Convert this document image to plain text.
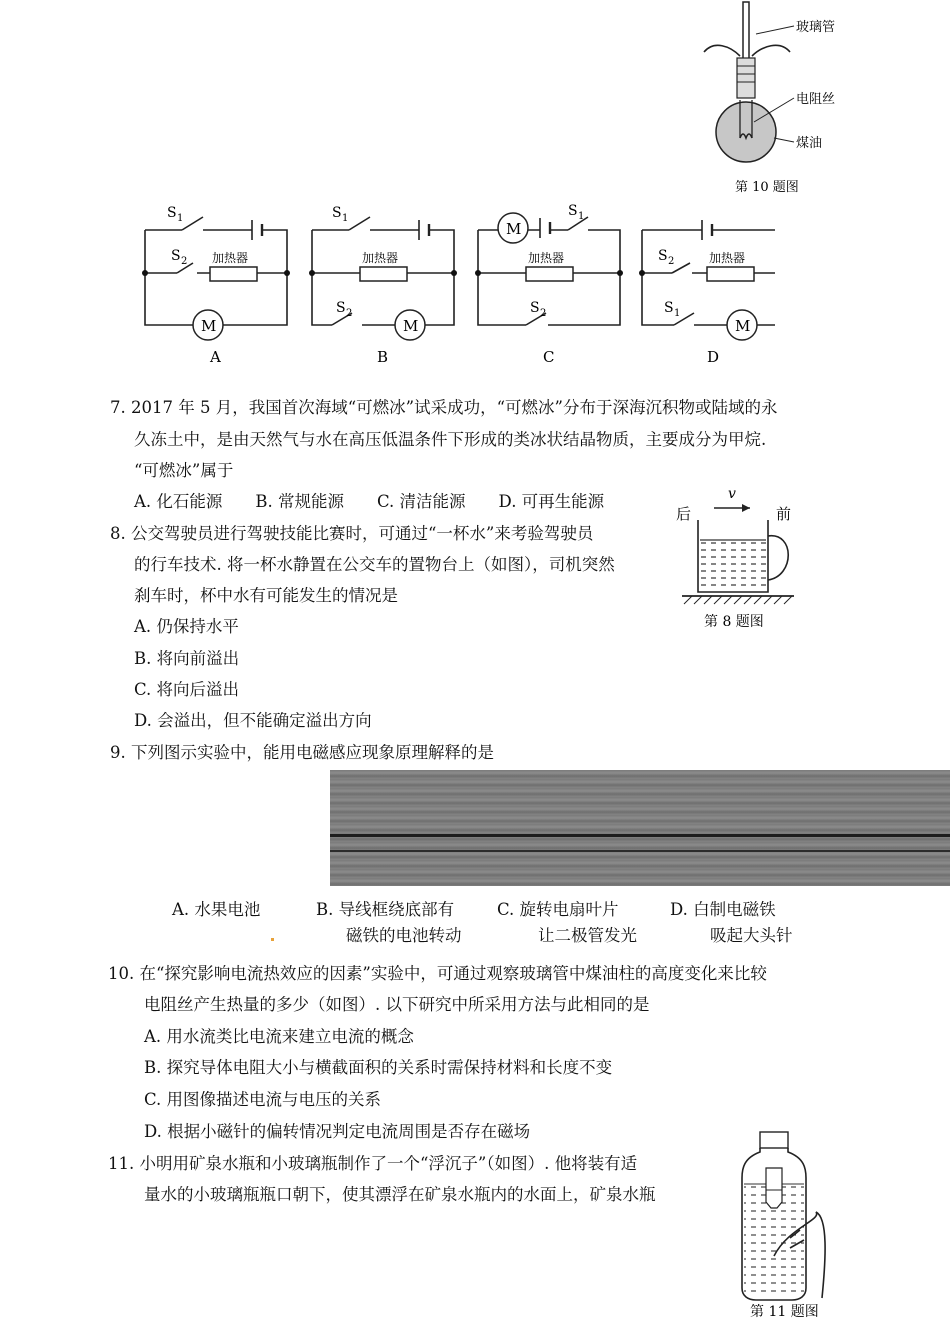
玻璃管
电阻丝
煤油
第 10 题图
M
加热器
S 1
S 2
A
M
加热器
S 1
S 2
B
M
加热器
S 1
S 2
C
M
加热器
S 2
S 1
D
7. 2017 年 5 月，我国首次海域“可燃冰”试采成功，“可燃冰”分布于深海沉积物或陆域的永
久冻土中，是由天然气与水在高压低温条件下形成的类冰状结晶物质，主要成分为甲烷.
“可燃冰”属于
A. 化石能源　　B. 常规能源　　C. 清洁能源　　D. 可再生能源	v
后	前
第 8 题图
8. 公交驾驶员进行驾驶技能比赛时，可通过“一杯水”来考验驾驶员
的行车技术. 将一杯水静置在公交车的置物台上（如图），司机突然
刹车时，杯中水有可能发生的情况是
A. 仍保持水平
B. 将向前溢出
C. 将向后溢出
D. 会溢出，但不能确定溢出方向
9. 下列图示实验中，能用电磁感应现象原理解释的是
A. 水果电池	B. 导线框绕底部有
磁铁的电池转动
C. 旋转电扇叶片
让二极管发光
D. 白制电磁铁
吸起大头针
10. 在“探究影响电流热效应的因素”实验中，可通过观察玻璃管中煤油柱的高度变化来比较
电阻丝产生热量的多少（如图）. 以下研究中所采用方法与此相同的是
A. 用水流类比电流来建立电流的概念
B. 探究导体电阻大小与横截面积的关系时需保持材料和长度不变
C. 用图像描述电流与电压的关系
D. 根据小磁针的偏转情况判定电流周围是否存在磁场
11. 小明用矿泉水瓶和小玻璃瓶制作了一个“浮沉子”（如图）. 他将装有适
量水的小玻璃瓶瓶口朝下，使其漂浮在矿泉水瓶内的水面上，矿泉水瓶
第 11 题图
